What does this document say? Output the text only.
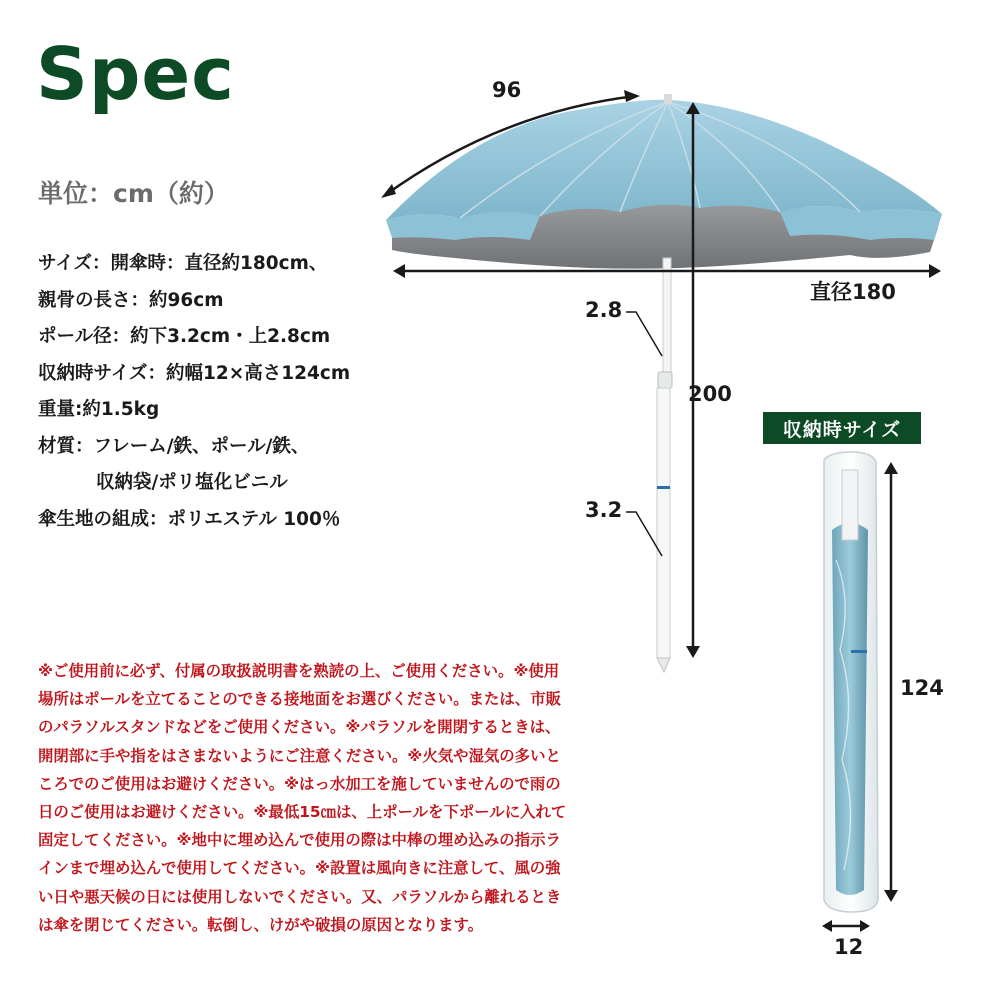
Spec
単位：cm（約）
サイズ：開傘時：直径約180cm、
親骨の長さ：約96cm
ポール径：約下3.2cm・上2.8cm
収納時サイズ：約幅12×高さ124cm
重量:約1.5kg
材質：フレーム/鉄、ポール/鉄、
収納袋/ポリ塩化ビニル
傘生地の組成：ポリエステル 100％

※ご使用前に必ず、付属の取扱説明書を熟読の上、ご使用ください。※使用場所はポールを立てることのできる接地面をお選びください。または、市販のパラソルスタンドなどをご使用ください。※パラソルを開閉するときは、開閉部に手や指をはさまないようにご注意ください。※火気や湿気の多いところでのご使用はお避けください。※はっ水加工を施していませんので雨の日のご使用はお避けください。※最低15㎝は、上ポールを下ポールに入れて固定してください。※地中に埋め込んで使用の際は中棒の埋め込みの指示ラインまで埋め込んで使用してください。※設置は風向きに注意して、風の強い日や悪天候の日には使用しないでください。又、パラソルから離れるときは傘を閉じてください。転倒し、けがや破損の原因となります。

96
直径180
2.8
200
3.2
124
12
収納時サイズ
